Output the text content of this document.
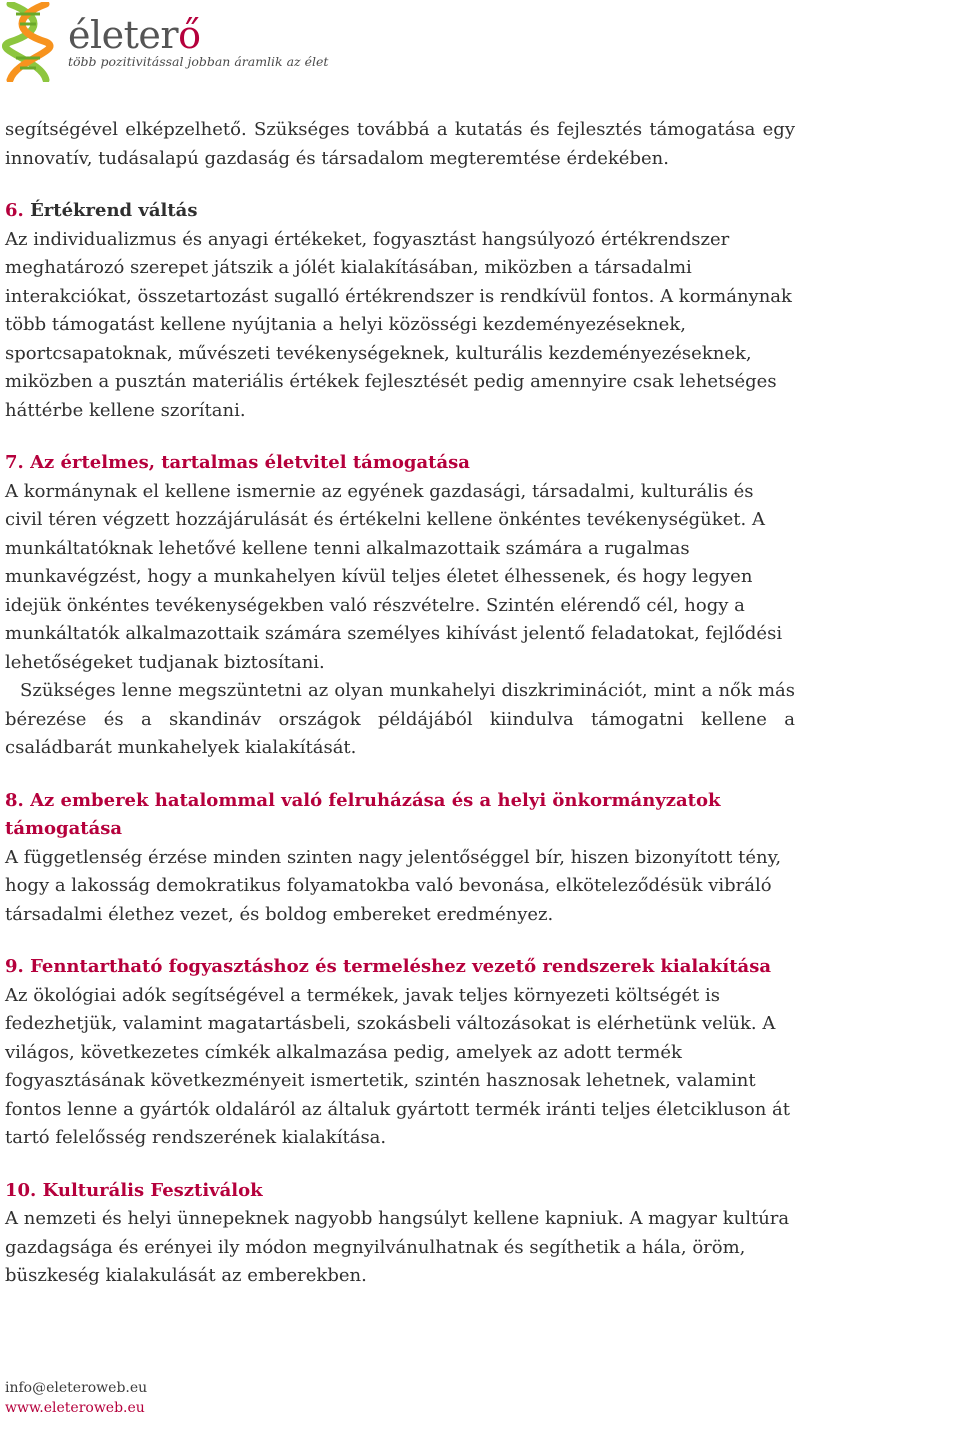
életerő
több pozitivitással jobban áramlik az élet

segítségével elképzelhető. Szükséges továbbá a kutatás és fejlesztés támogatása egy innovatív, tudásalapú gazdaság és társadalom megteremtése érdekében.

6. Értékrend váltás

Az individualizmus és anyagi értékeket, fogyasztást hangsúlyozó értékrendszer meghatározó szerepet játszik a jólét kialakításában, miközben a társadalmi interakciókat, összetartozást sugalló értékrendszer is rendkívül fontos. A kormánynak több támogatást kellene nyújtania a helyi közösségi kezdeményezéseknek, sportcsapatoknak, művészeti tevékenységeknek, kulturális kezdeményezéseknek, miközben a pusztán materiális értékek fejlesztését pedig amennyire csak lehetséges háttérbe kellene szorítani.

7. Az értelmes, tartalmas életvitel támogatása

A kormánynak el kellene ismernie az egyének gazdasági, társadalmi, kulturális és civil téren végzett hozzájárulását és értékelni kellene önkéntes tevékenységüket. A munkáltatóknak lehetővé kellene tenni alkalmazottaik számára a rugalmas munkavégzést, hogy a munkahelyen kívül teljes életet élhessenek, és hogy legyen idejük önkéntes tevékenységekben való részvételre. Szintén elérendő cél, hogy a munkáltatók alkalmazottaik számára személyes kihívást jelentő feladatokat, fejlődési lehetőségeket tudjanak biztosítani.

Szükséges lenne megszüntetni az olyan munkahelyi diszkriminációt, mint a nők más bérezése és a skandináv országok példájából kiindulva támogatni kellene a családbarát munkahelyek kialakítását.

8. Az emberek hatalommal való felruházása és a helyi önkormányzatok
támogatása

A függetlenség érzése minden szinten nagy jelentőséggel bír, hiszen bizonyított tény, hogy a lakosság demokratikus folyamatokba való bevonása, elköteleződésük vibráló társadalmi élethez vezet, és boldog embereket eredményez.

9. Fenntartható fogyasztáshoz és termeléshez vezető rendszerek kialakítása

Az ökológiai adók segítségével a termékek, javak teljes környezeti költségét is fedezhetjük, valamint magatartásbeli, szokásbeli változásokat is elérhetünk velük. A világos, következetes címkék alkalmazása pedig, amelyek az adott termék fogyasztásának következményeit ismertetik, szintén hasznosak lehetnek, valamint fontos lenne a gyártók oldaláról az általuk gyártott termék iránti teljes életcikluson át tartó felelősség rendszerének kialakítása.

10. Kulturális Fesztiválok

A nemzeti és helyi ünnepeknek nagyobb hangsúlyt kellene kapniuk. A magyar kultúra gazdagsága és erényei ily módon megnyilvánulhatnak és segíthetik a hála, öröm, büszkeség kialakulását az emberekben.

info@eleteroweb.eu
www.eleteroweb.eu
